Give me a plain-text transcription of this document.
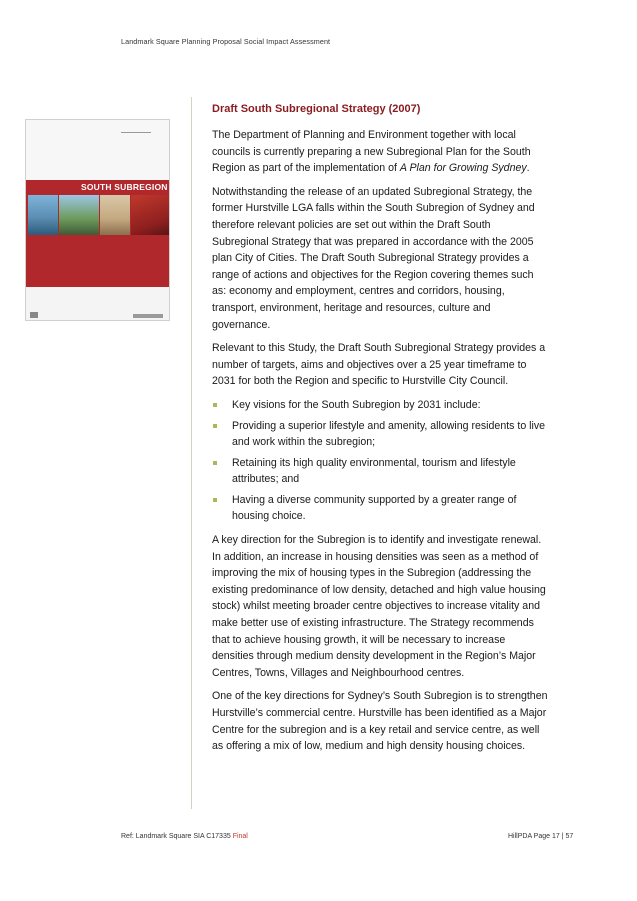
Landmark Square Planning Proposal Social Impact Assessment
SOUTH SUBREGION
Draft South Subregional Strategy (2007)

The Department of Planning and Environment together with local councils is currently preparing a new Subregional Plan for the South Region as part of the implementation of A Plan for Growing Sydney.

Notwithstanding the release of an updated Subregional Strategy, the former Hurstville LGA falls within the South Subregion of Sydney and therefore relevant policies are set out within the Draft South Subregional Strategy that was prepared in accordance with the 2005 plan City of Cities. The Draft South Subregional Strategy provides a range of actions and objectives for the Region covering themes such as: economy and employment, centres and corridors, housing, transport, environment, heritage and resources, culture and governance.

Relevant to this Study, the Draft South Subregional Strategy provides a number of targets, aims and objectives over a 25 year timeframe to 2031 for both the Region and specific to Hurstville City Council.

Key visions for the South Subregion by 2031 include:
Providing a superior lifestyle and amenity, allowing residents to live and work within the subregion;
Retaining its high quality environmental, tourism and lifestyle attributes; and
Having a diverse community supported by a greater range of housing choice.

A key direction for the Subregion is to identify and investigate renewal. In addition, an increase in housing densities was seen as a method of improving the mix of housing types in the Subregion (addressing the existing predominance of low density, detached and high value housing stock) whilst meeting broader centre objectives to increase vitality and make better use of existing infrastructure. The Strategy recommends that to achieve housing growth, it will be necessary to increase densities through medium density development in the Region’s Major Centres, Towns, Villages and Neighbourhood centres.

One of the key directions for Sydney’s South Subregion is to strengthen Hurstville’s commercial centre. Hurstville has been identified as a Major Centre for the subregion and is a key retail and service centre, as well as offering a mix of low, medium and high density housing choices.

Ref: Landmark Square SIA C17335 Final	HillPDA Page 17 | 57
